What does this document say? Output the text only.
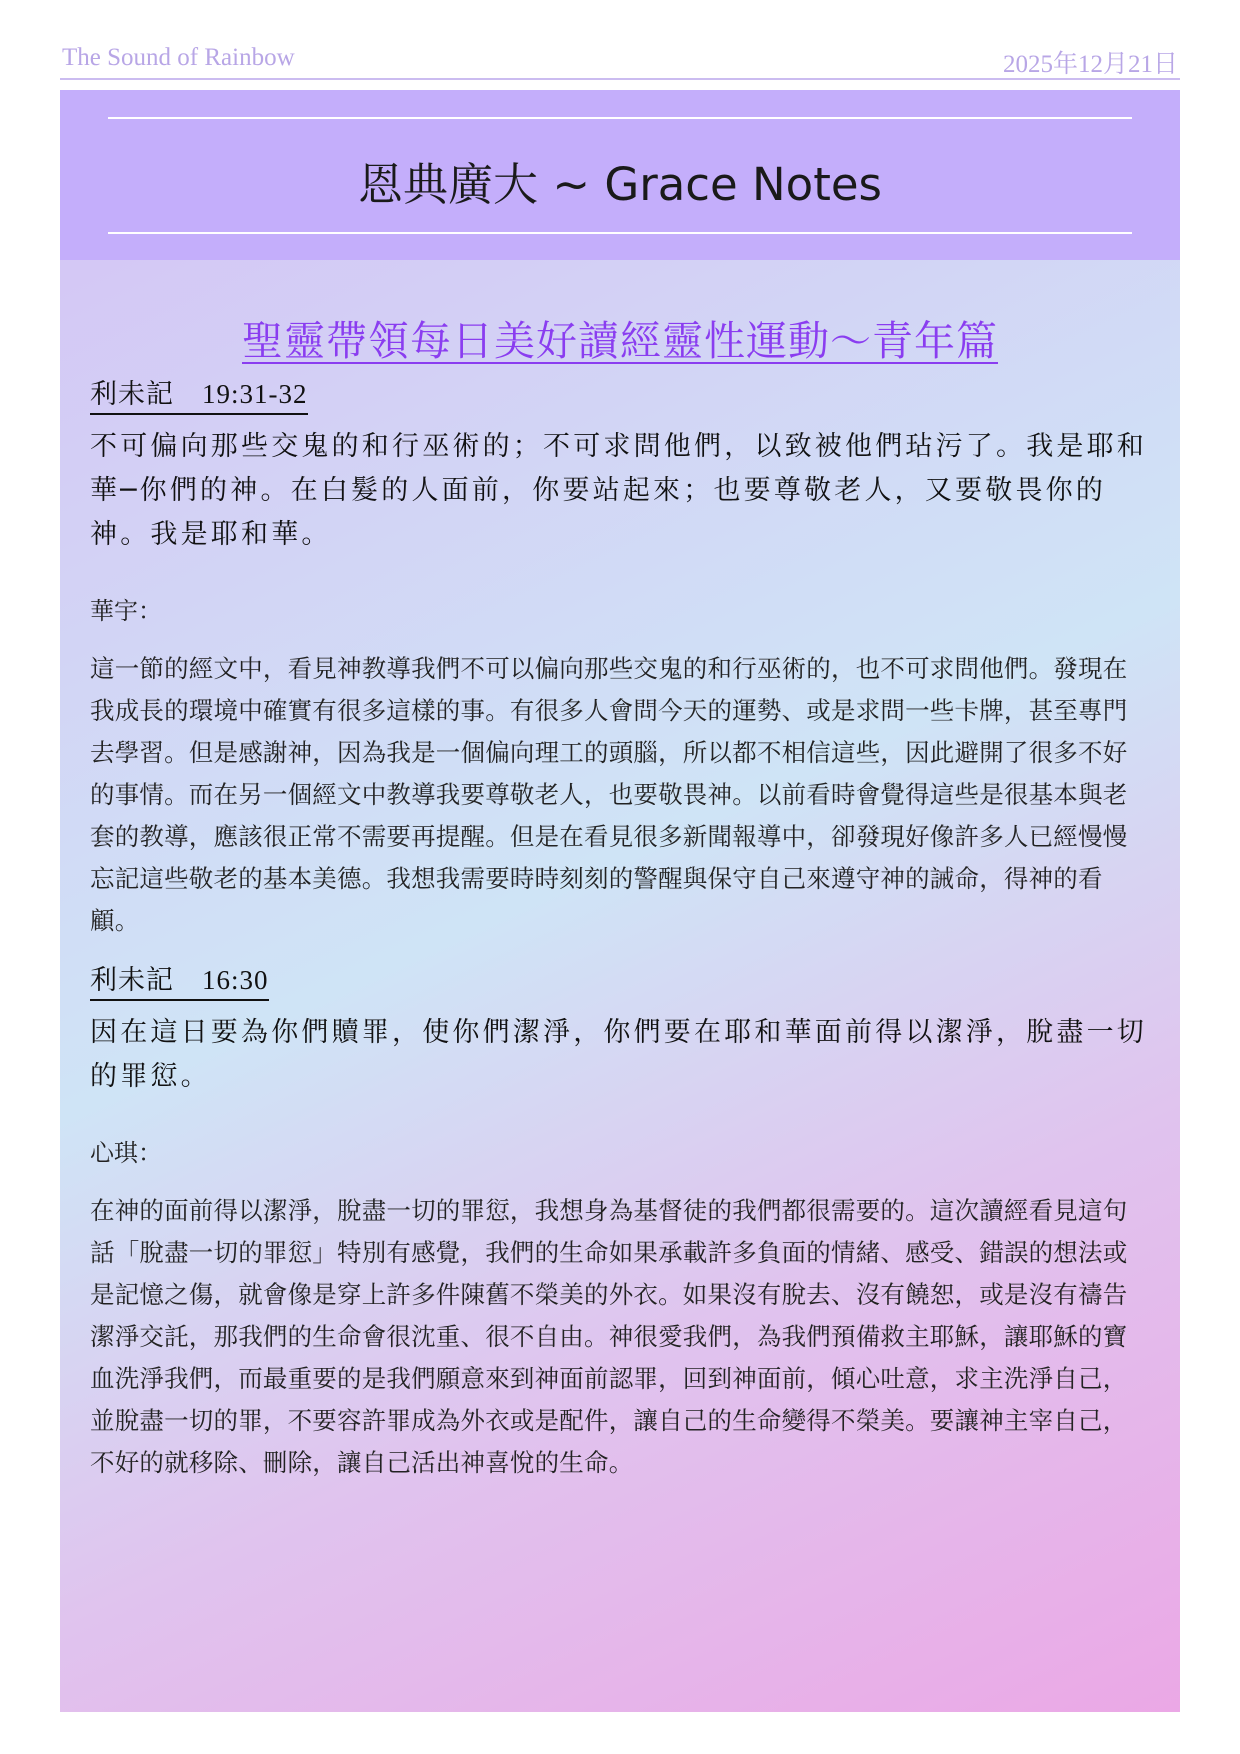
The Sound of Rainbow	2025年12月21日
恩典廣大 ~ Grace Notes
聖靈帶領每日美好讀經靈性運動～青年篇
利未記　19:31-32
不可偏向那些交鬼的和行巫術的；不可求問他們，以致被他們玷污了。我是耶和華─你們的神。在白髮的人面前，你要站起來；也要尊敬老人，又要敬畏你的神。我是耶和華。
華宇：
這一節的經文中，看見神教導我們不可以偏向那些交鬼的和行巫術的，也不可求問他們。發現在我成長的環境中確實有很多這樣的事。有很多人會問今天的運勢、或是求問一些卡牌，甚至專門去學習。但是感謝神，因為我是一個偏向理工的頭腦，所以都不相信這些，因此避開了很多不好的事情。而在另一個經文中教導我要尊敬老人，也要敬畏神。以前看時會覺得這些是很基本與老套的教導，應該很正常不需要再提醒。但是在看見很多新聞報導中，卻發現好像許多人已經慢慢忘記這些敬老的基本美德。我想我需要時時刻刻的警醒與保守自己來遵守神的誡命，得神的看顧。
利未記　16:30
因在這日要為你們贖罪，使你們潔淨，你們要在耶和華面前得以潔淨，脫盡一切的罪愆。
心琪：
在神的面前得以潔淨，脫盡一切的罪愆，我想身為基督徒的我們都很需要的。這次讀經看見這句話「脫盡一切的罪愆」特別有感覺，我們的生命如果承載許多負面的情緒、感受、錯誤的想法或是記憶之傷，就會像是穿上許多件陳舊不榮美的外衣。如果沒有脫去、沒有饒恕，或是沒有禱告潔淨交託，那我們的生命會很沈重、很不自由。神很愛我們，為我們預備救主耶穌，讓耶穌的寶血洗淨我們，而最重要的是我們願意來到神面前認罪，回到神面前，傾心吐意，求主洗淨自己，並脫盡一切的罪，不要容許罪成為外衣或是配件，讓自己的生命變得不榮美。要讓神主宰自己，不好的就移除、刪除，讓自己活出神喜悅的生命。
